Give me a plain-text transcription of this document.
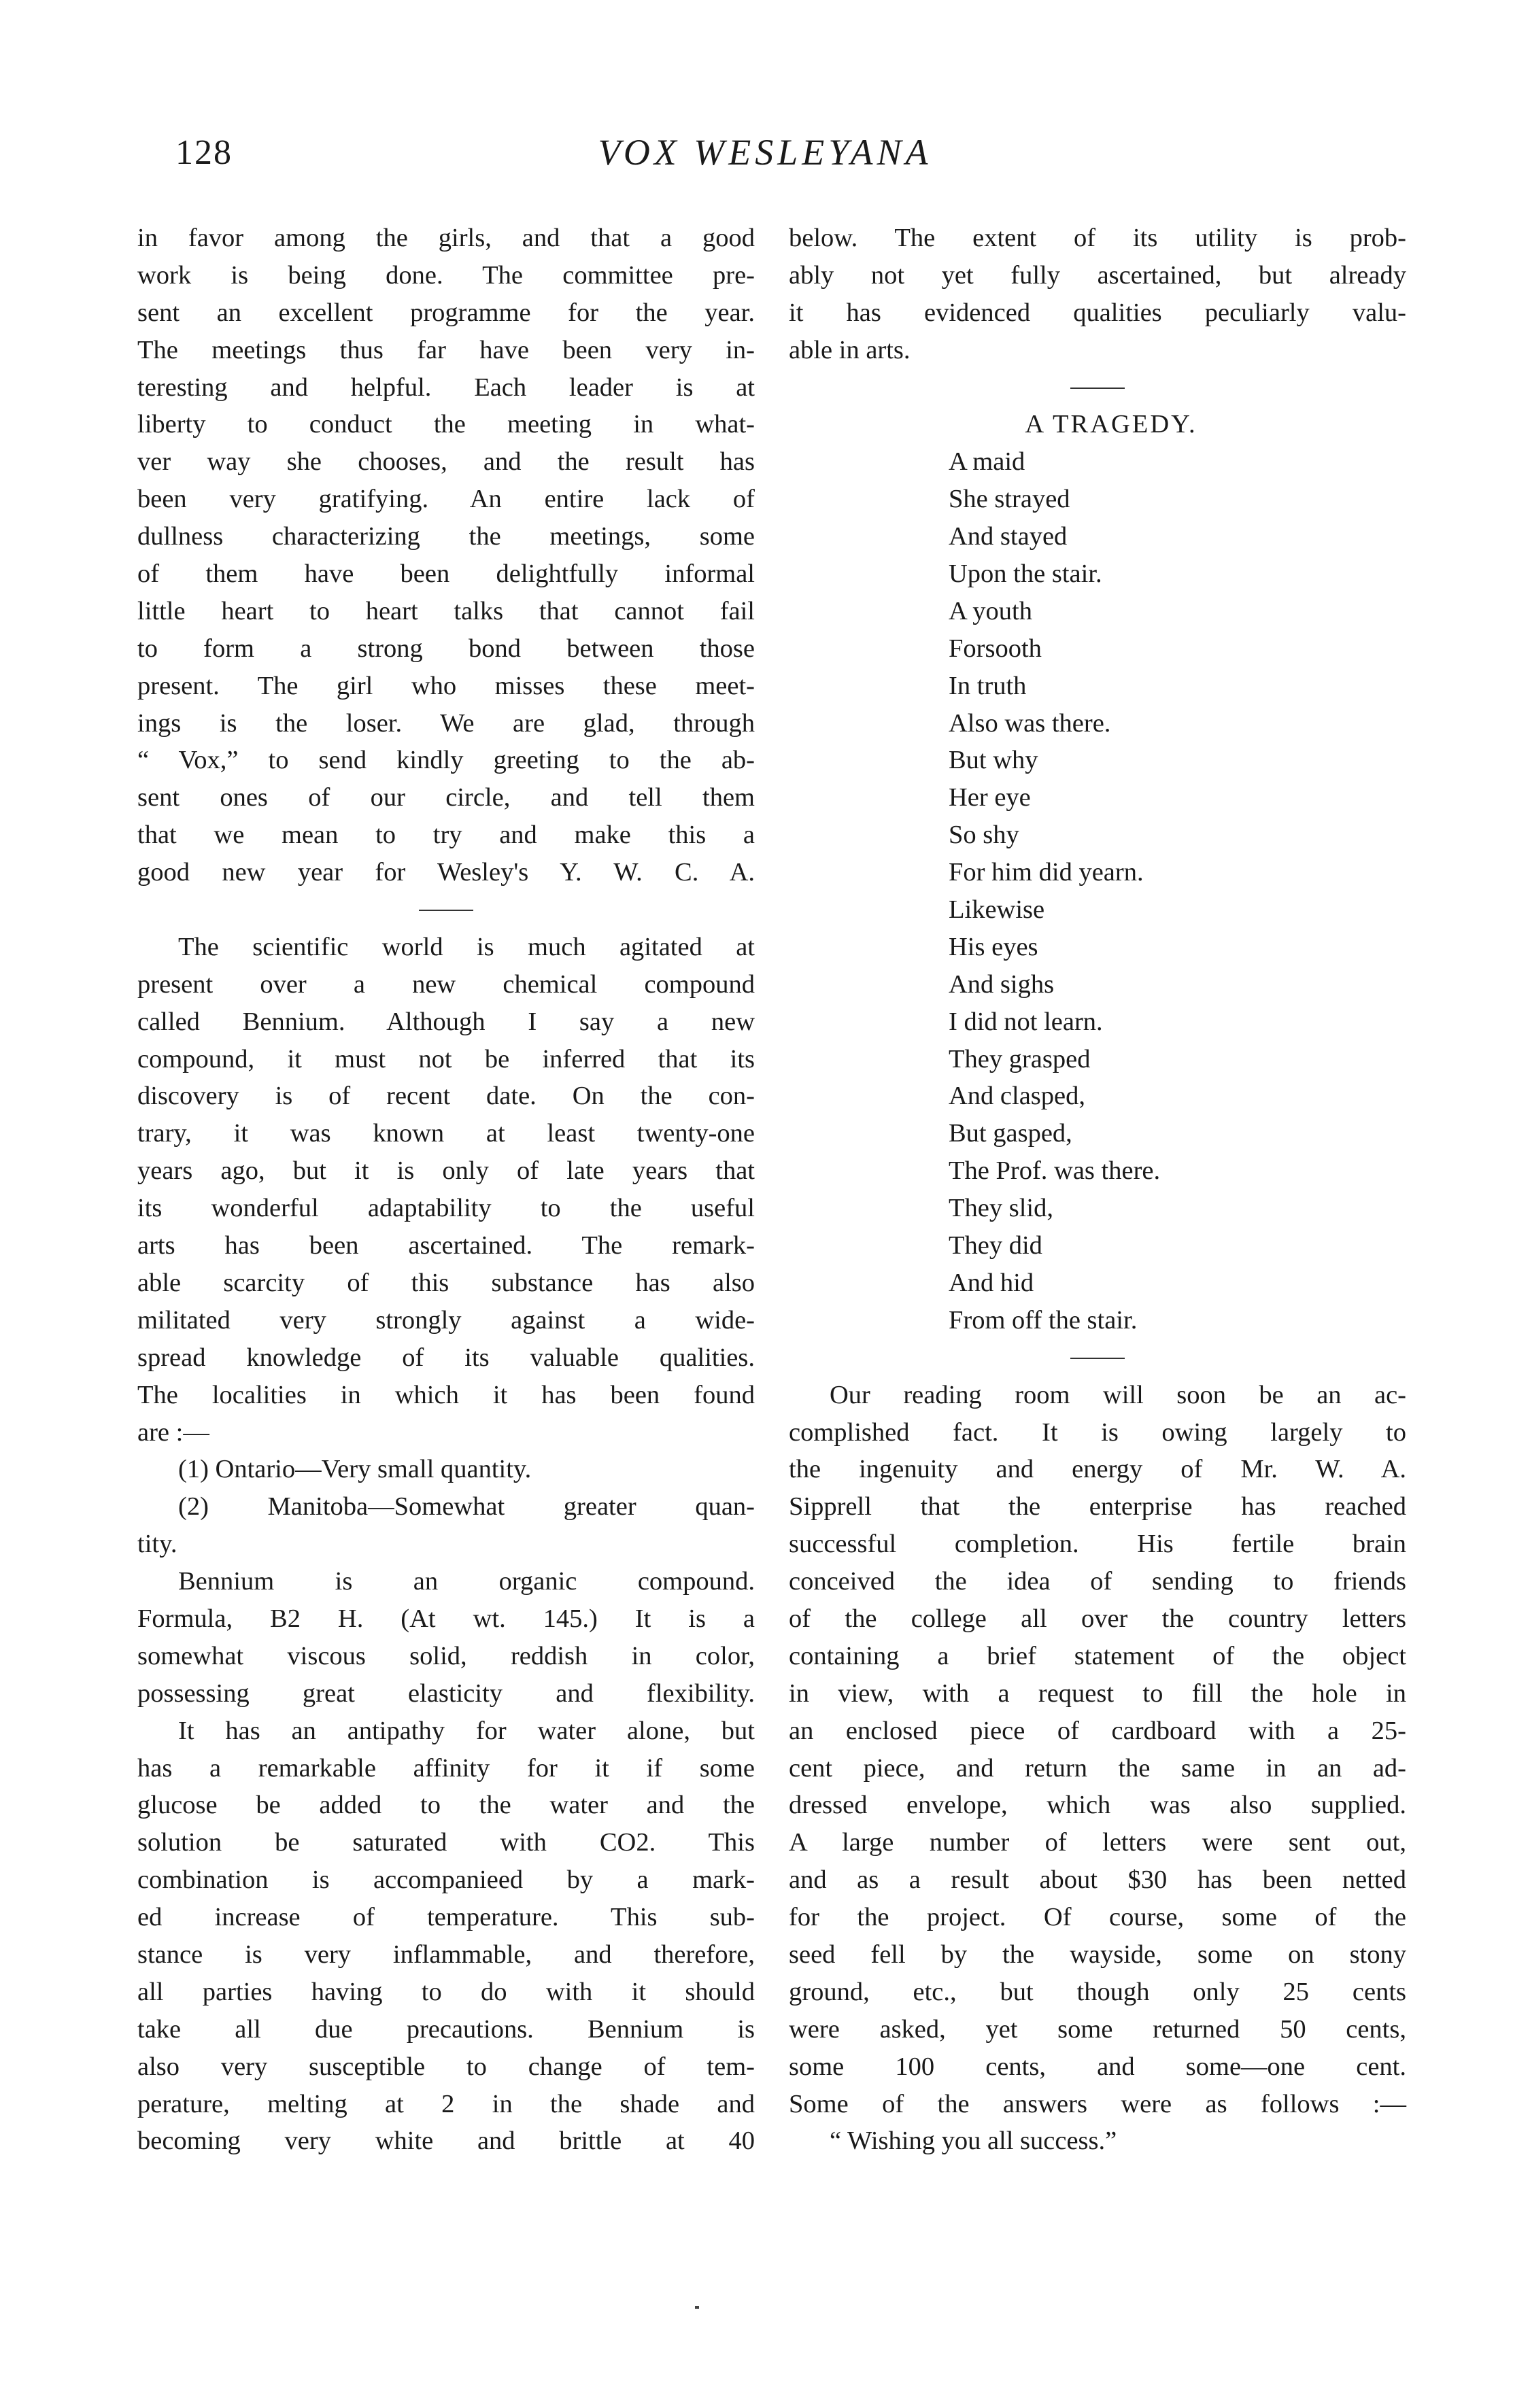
128	VOX WESLEYANA
in favor among the girls, and that a good
work is being done. The committee pre-
sent an excellent programme for the year.
The meetings thus far have been very in-
teresting and helpful. Each leader is at
liberty to conduct the meeting in what-
ver way she chooses, and the result has
been very gratifying. An entire lack of
dullness characterizing the meetings, some
of them have been delightfully informal
little heart to heart talks that cannot fail
to form a strong bond between those
present. The girl who misses these meet-
ings is the loser. We are glad, through
“ Vox,” to send kindly greeting to the ab-
sent ones of our circle, and tell them
that we mean to try and make this a
good new year for Wesley's Y. W. C. A.
The scientific world is much agitated at
present over a new chemical compound
called Bennium. Although I say a new
compound, it must not be inferred that its
discovery is of recent date. On the con-
trary, it was known at least twenty-one
years ago, but it is only of late years that
its wonderful adaptability to the useful
arts has been ascertained. The remark-
able scarcity of this substance has also
militated very strongly against a wide-
spread knowledge of its valuable qualities.
The localities in which it has been found
are :—
(1) Ontario—Very small quantity.
(2) Manitoba—Somewhat greater quan-
tity.
Bennium is an organic compound.
Formula, B2 H. (At wt. 145.) It is a
somewhat viscous solid, reddish in color,
possessing great elasticity and flexibility.
It has an antipathy for water alone, but
has a remarkable affinity for it if some
glucose be added to the water and the
solution be saturated with CO2. This
combination is accompanieed by a mark-
ed increase of temperature. This sub-
stance is very inflammable, and therefore,
all parties having to do with it should
take all due precautions. Bennium is
also very susceptible to change of tem-
perature, melting at 2 in the shade and
becoming very white and brittle at 40
below. The extent of its utility is prob-
ably not yet fully ascertained, but already
it has evidenced qualities peculiarly valu-
able in arts.
A TRAGEDY.
A maid
She strayed
And stayed
Upon the stair.
A youth
Forsooth
In truth
Also was there.
But why
Her eye
So shy
For him did yearn.
Likewise
His eyes
And sighs
I did not learn.
They grasped
And clasped,
But gasped,
The Prof. was there.
They slid,
They did
And hid
From off the stair.
Our reading room will soon be an ac-
complished fact. It is owing largely to
the ingenuity and energy of Mr. W. A.
Sipprell that the enterprise has reached
successful completion. His fertile brain
conceived the idea of sending to friends
of the college all over the country letters
containing a brief statement of the object
in view, with a request to fill the hole in
an enclosed piece of cardboard with a 25-
cent piece, and return the same in an ad-
dressed envelope, which was also supplied.
A large number of letters were sent out,
and as a result about $30 has been netted
for the project. Of course, some of the
seed fell by the wayside, some on stony
ground, etc., but though only 25 cents
were asked, yet some returned 50 cents,
some 100 cents, and some—one cent.
Some of the answers were as follows :—
“ Wishing you all success.”
